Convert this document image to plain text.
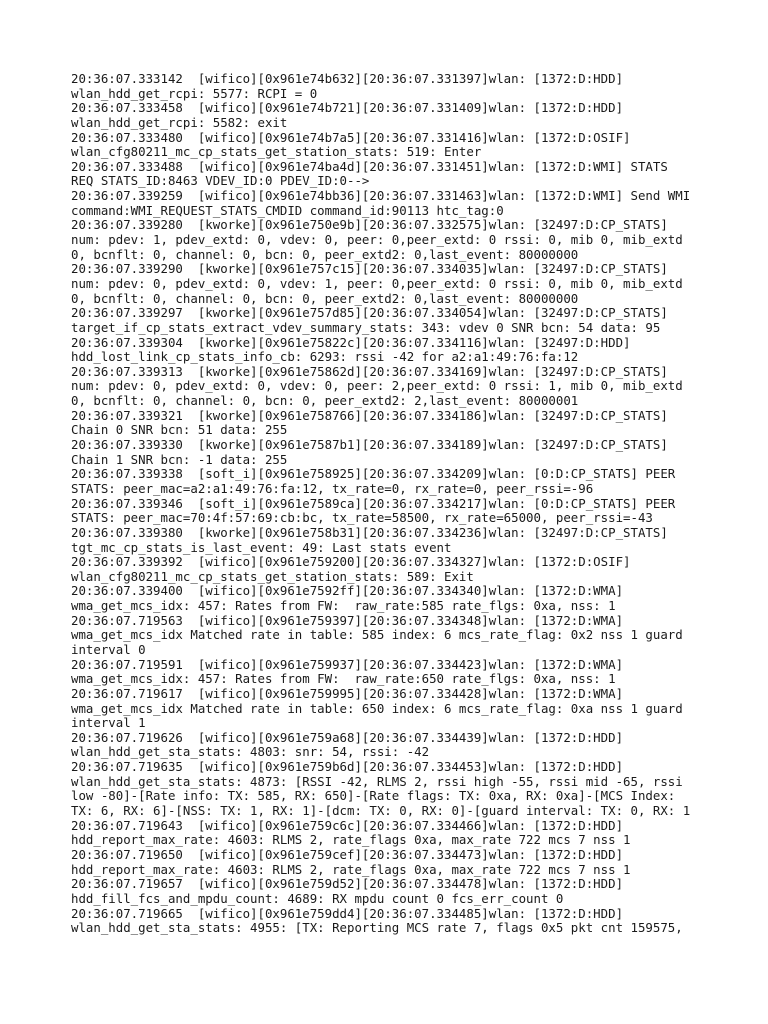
20:36:07.333142  [wifico][0x961e74b632][20:36:07.331397]wlan: [1372:D:HDD]
wlan_hdd_get_rcpi: 5577: RCPI = 0
20:36:07.333458  [wifico][0x961e74b721][20:36:07.331409]wlan: [1372:D:HDD]
wlan_hdd_get_rcpi: 5582: exit
20:36:07.333480  [wifico][0x961e74b7a5][20:36:07.331416]wlan: [1372:D:OSIF]
wlan_cfg80211_mc_cp_stats_get_station_stats: 519: Enter
20:36:07.333488  [wifico][0x961e74ba4d][20:36:07.331451]wlan: [1372:D:WMI] STATS
REQ STATS_ID:8463 VDEV_ID:0 PDEV_ID:0-->
20:36:07.339259  [wifico][0x961e74bb36][20:36:07.331463]wlan: [1372:D:WMI] Send WMI
command:WMI_REQUEST_STATS_CMDID command_id:90113 htc_tag:0
20:36:07.339280  [kworke][0x961e750e9b][20:36:07.332575]wlan: [32497:D:CP_STATS]
num: pdev: 1, pdev_extd: 0, vdev: 0, peer: 0,peer_extd: 0 rssi: 0, mib 0, mib_extd
0, bcnflt: 0, channel: 0, bcn: 0, peer_extd2: 0,last_event: 80000000
20:36:07.339290  [kworke][0x961e757c15][20:36:07.334035]wlan: [32497:D:CP_STATS]
num: pdev: 0, pdev_extd: 0, vdev: 1, peer: 0,peer_extd: 0 rssi: 0, mib 0, mib_extd
0, bcnflt: 0, channel: 0, bcn: 0, peer_extd2: 0,last_event: 80000000
20:36:07.339297  [kworke][0x961e757d85][20:36:07.334054]wlan: [32497:D:CP_STATS]
target_if_cp_stats_extract_vdev_summary_stats: 343: vdev 0 SNR bcn: 54 data: 95
20:36:07.339304  [kworke][0x961e75822c][20:36:07.334116]wlan: [32497:D:HDD]
hdd_lost_link_cp_stats_info_cb: 6293: rssi -42 for a2:a1:49:76:fa:12
20:36:07.339313  [kworke][0x961e75862d][20:36:07.334169]wlan: [32497:D:CP_STATS]
num: pdev: 0, pdev_extd: 0, vdev: 0, peer: 2,peer_extd: 0 rssi: 1, mib 0, mib_extd
0, bcnflt: 0, channel: 0, bcn: 0, peer_extd2: 2,last_event: 80000001
20:36:07.339321  [kworke][0x961e758766][20:36:07.334186]wlan: [32497:D:CP_STATS]
Chain 0 SNR bcn: 51 data: 255
20:36:07.339330  [kworke][0x961e7587b1][20:36:07.334189]wlan: [32497:D:CP_STATS]
Chain 1 SNR bcn: -1 data: 255
20:36:07.339338  [soft_i][0x961e758925][20:36:07.334209]wlan: [0:D:CP_STATS] PEER
STATS: peer_mac=a2:a1:49:76:fa:12, tx_rate=0, rx_rate=0, peer_rssi=-96
20:36:07.339346  [soft_i][0x961e7589ca][20:36:07.334217]wlan: [0:D:CP_STATS] PEER
STATS: peer_mac=70:4f:57:69:cb:bc, tx_rate=58500, rx_rate=65000, peer_rssi=-43
20:36:07.339380  [kworke][0x961e758b31][20:36:07.334236]wlan: [32497:D:CP_STATS]
tgt_mc_cp_stats_is_last_event: 49: Last stats event
20:36:07.339392  [wifico][0x961e759200][20:36:07.334327]wlan: [1372:D:OSIF]
wlan_cfg80211_mc_cp_stats_get_station_stats: 589: Exit
20:36:07.339400  [wifico][0x961e7592ff][20:36:07.334340]wlan: [1372:D:WMA]
wma_get_mcs_idx: 457: Rates from FW:  raw_rate:585 rate_flgs: 0xa, nss: 1
20:36:07.719563  [wifico][0x961e759397][20:36:07.334348]wlan: [1372:D:WMA]
wma_get_mcs_idx Matched rate in table: 585 index: 6 mcs_rate_flag: 0x2 nss 1 guard
interval 0
20:36:07.719591  [wifico][0x961e759937][20:36:07.334423]wlan: [1372:D:WMA]
wma_get_mcs_idx: 457: Rates from FW:  raw_rate:650 rate_flgs: 0xa, nss: 1
20:36:07.719617  [wifico][0x961e759995][20:36:07.334428]wlan: [1372:D:WMA]
wma_get_mcs_idx Matched rate in table: 650 index: 6 mcs_rate_flag: 0xa nss 1 guard
interval 1
20:36:07.719626  [wifico][0x961e759a68][20:36:07.334439]wlan: [1372:D:HDD]
wlan_hdd_get_sta_stats: 4803: snr: 54, rssi: -42
20:36:07.719635  [wifico][0x961e759b6d][20:36:07.334453]wlan: [1372:D:HDD]
wlan_hdd_get_sta_stats: 4873: [RSSI -42, RLMS 2, rssi high -55, rssi mid -65, rssi
low -80]-[Rate info: TX: 585, RX: 650]-[Rate flags: TX: 0xa, RX: 0xa]-[MCS Index:
TX: 6, RX: 6]-[NSS: TX: 1, RX: 1]-[dcm: TX: 0, RX: 0]-[guard interval: TX: 0, RX: 1
20:36:07.719643  [wifico][0x961e759c6c][20:36:07.334466]wlan: [1372:D:HDD]
hdd_report_max_rate: 4603: RLMS 2, rate_flags 0xa, max_rate 722 mcs 7 nss 1
20:36:07.719650  [wifico][0x961e759cef][20:36:07.334473]wlan: [1372:D:HDD]
hdd_report_max_rate: 4603: RLMS 2, rate_flags 0xa, max_rate 722 mcs 7 nss 1
20:36:07.719657  [wifico][0x961e759d52][20:36:07.334478]wlan: [1372:D:HDD]
hdd_fill_fcs_and_mpdu_count: 4689: RX mpdu count 0 fcs_err_count 0
20:36:07.719665  [wifico][0x961e759dd4][20:36:07.334485]wlan: [1372:D:HDD]
wlan_hdd_get_sta_stats: 4955: [TX: Reporting MCS rate 7, flags 0x5 pkt cnt 159575,
